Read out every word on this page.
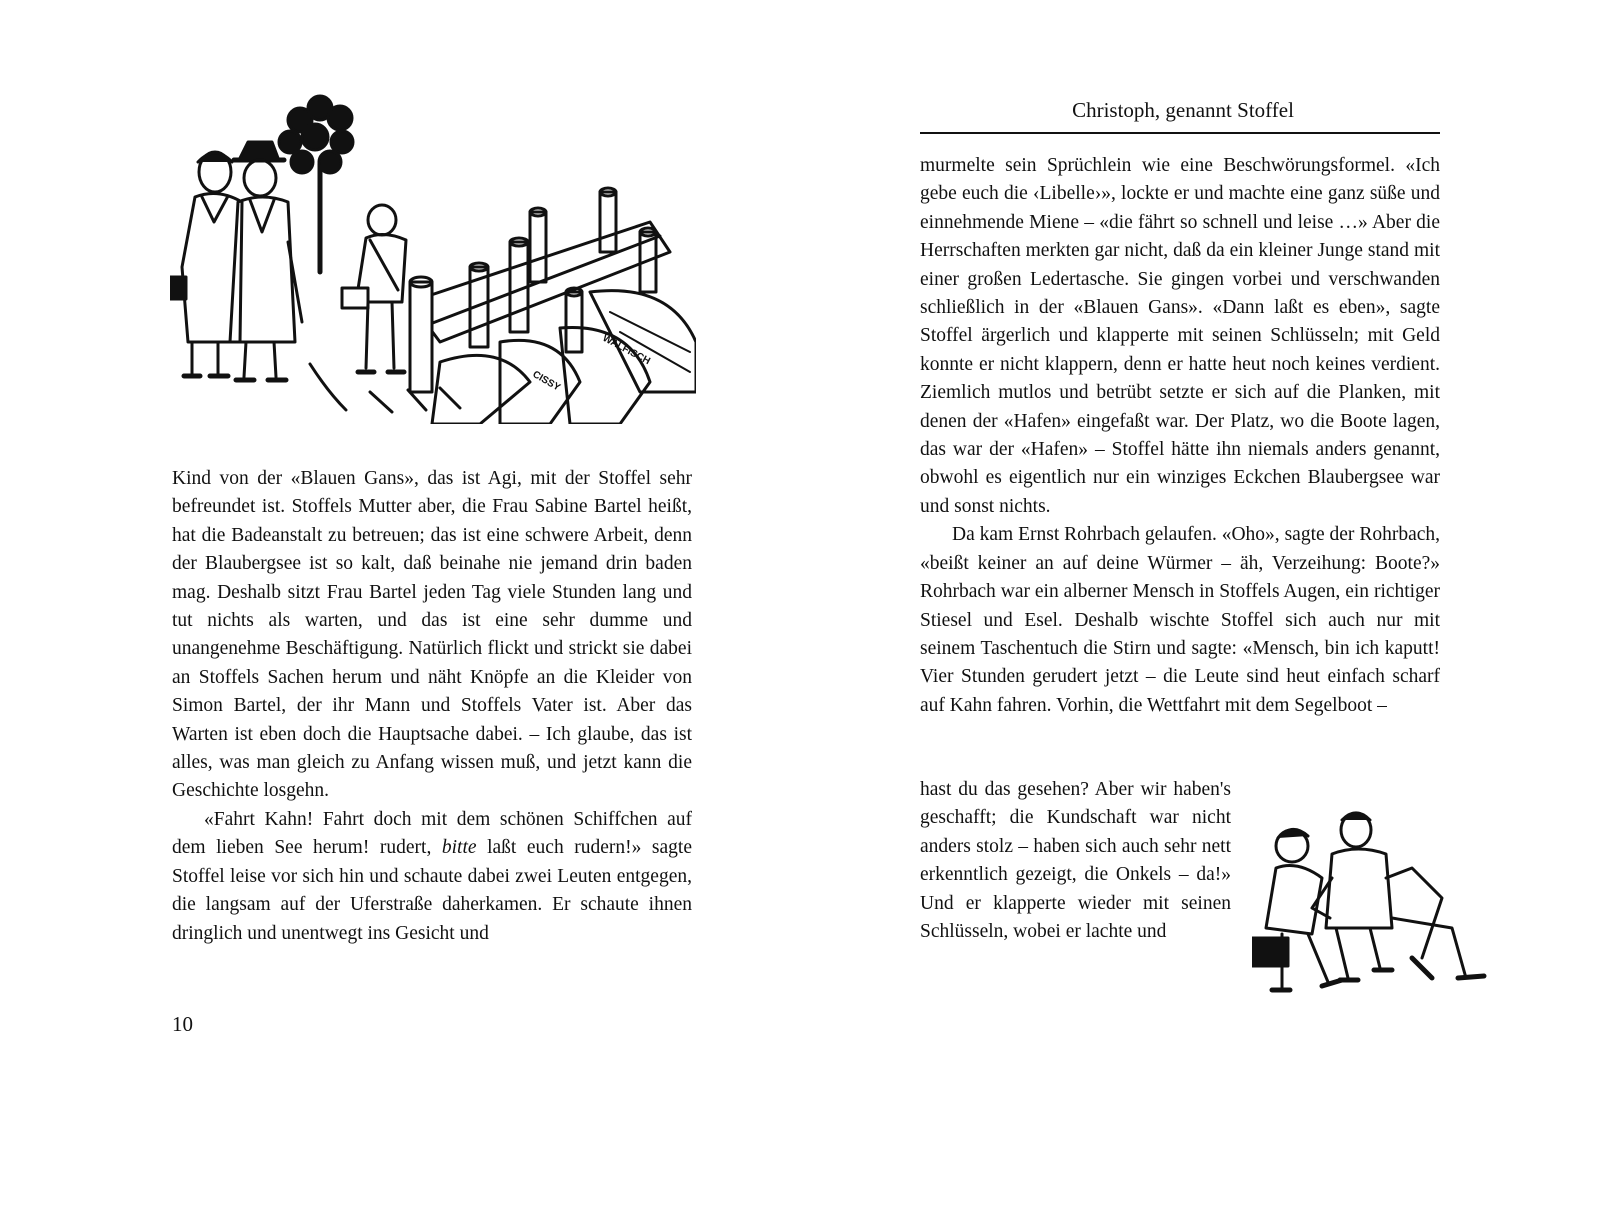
CISSY
WALFISCH

Kind von der «Blauen Gans», das ist Agi, mit der Stoffel sehr befreundet ist. Stoffels Mutter aber, die Frau Sabine Bartel heißt, hat die Badeanstalt zu betreuen; das ist eine schwere Arbeit, denn der Blaubergsee ist so kalt, daß beinahe nie jemand drin baden mag. Deshalb sitzt Frau Bartel jeden Tag viele Stunden lang und tut nichts als warten, und das ist eine sehr dumme und unangenehme Beschäftigung. Natürlich flickt und strickt sie dabei an Stoffels Sachen herum und näht Knöpfe an die Kleider von Simon Bartel, der ihr Mann und Stoffels Vater ist. Aber das Warten ist eben doch die Hauptsache dabei. – Ich glaube, das ist alles, was man gleich zu Anfang wissen muß, und jetzt kann die Geschichte losgehn.

«Fahrt Kahn! Fahrt doch mit dem schönen Schiffchen auf dem lieben See herum! rudert, bitte laßt euch rudern!» sagte Stoffel leise vor sich hin und schaute dabei zwei Leuten entgegen, die langsam auf der Uferstraße daherkamen. Er schaute ihnen dringlich und unentwegt ins Gesicht und

10
Christoph, genannt Stoffel

murmelte sein Sprüchlein wie eine Beschwörungsformel. «Ich gebe euch die ‹Libelle›», lockte er und machte eine ganz süße und einnehmende Miene – «die fährt so schnell und leise …» Aber die Herrschaften merkten gar nicht, daß da ein kleiner Junge stand mit einer großen Ledertasche. Sie gingen vorbei und verschwanden schließlich in der «Blauen Gans». «Dann laßt es eben», sagte Stoffel ärgerlich und klapperte mit seinen Schlüsseln; mit Geld konnte er nicht klappern, denn er hatte heut noch keines verdient. Ziemlich mutlos und betrübt setzte er sich auf die Planken, mit denen der «Hafen» eingefaßt war. Der Platz, wo die Boote lagen, das war der «Hafen» – Stoffel hätte ihn niemals anders genannt, obwohl es eigentlich nur ein winziges Eckchen Blaubergsee war und sonst nichts.

Da kam Ernst Rohrbach gelaufen. «Oho», sagte der Rohrbach, «beißt keiner an auf deine Würmer – äh, Verzeihung: Boote?» Rohrbach war ein alberner Mensch in Stoffels Augen, ein richtiger Stiesel und Esel. Deshalb wischte Stoffel sich auch nur mit seinem Taschentuch die Stirn und sagte: «Mensch, bin ich kaputt! Vier Stunden gerudert jetzt – die Leute sind heut einfach scharf auf Kahn fahren. Vorhin, die Wettfahrt mit dem Segelboot –

hast du das gesehen? Aber wir haben's geschafft; die Kundschaft war nicht anders stolz – haben sich auch sehr nett erkenntlich gezeigt, die Onkels – da!» Und er klapperte wieder mit seinen Schlüsseln, wobei er lachte und
